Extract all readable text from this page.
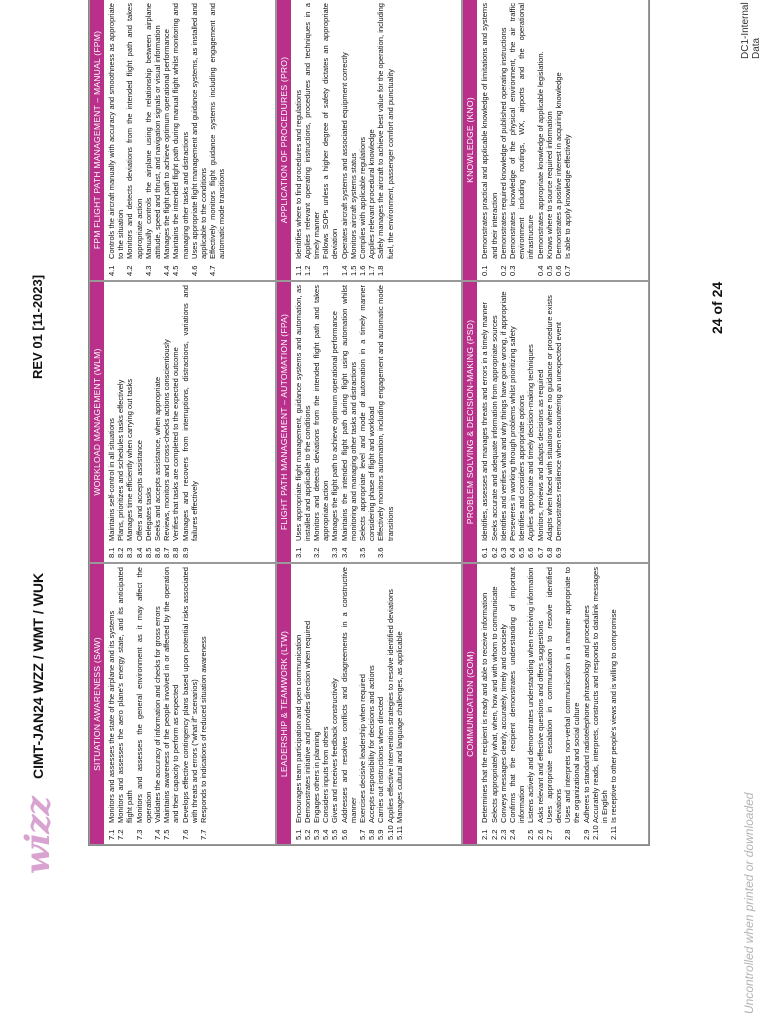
wizz
CIMT-JAN24 WZZ / WMT / WUK
REV 01 [11-2023]
SITUATION AWARENESS (SAW)
7.1
Monitors and assesses the state of the airplane and its systems
7.2
Monitors and assesses the aero plane's energy state, and its anticipated flight path
7.3
Monitors and assesses the general environment as it may affect the operation
7.4
Validates the accuracy of information and checks for gross errors
7.5
Maintains awareness of the people involved in or affected by the operation and their capacity to perform as expected
7.6
Develops effective contingency plans based upon potential risks associated with threats and errors ("what if" scenarios)
7.7
Responds to indications of reduced situation awareness
WORKLOAD MANAGEMENT (WLM)
8.1
Maintains self-control in all situations
8.2
Plans, prioritizes and schedules tasks effectively
8.3
Manages time efficiently when carrying out tasks
8.4
Offers and accepts assistance
8.5
Delegates tasks
8.6
Seeks and accepts assistance, when appropriate
8.7
Reviews, monitors and cross-checks actions conscientiously
8.8
Verifies that tasks are completed to the expected outcome
8.9
Manages and recovers from interruptions, distractions, variations and failures effectively
FPM FLIGHT PATH MANAGEMENT – MANUAL (FPM)
4.1
Controls the aircraft manually with accuracy and smoothness as appropriate to the situation
4.2
Monitors and detects deviations from the intended flight path and takes appropriate action
4.3
Manually controls the airplane using the relationship between airplane attitude, speed and thrust, and navigation signals or visual information
4.4
Manages the flight path to achieve optimum operational performance
4.5
Maintains the intended flight path during manual flight whilst monitoring and managing other tasks and distractions
4.6
Uses appropriate flight management and guidance systems, as installed and applicable to the conditions
4.7
Effectively monitors flight guidance systems including engagement and automatic mode transitions
LEADERSHIP & TEAMWORK (LTW)
5.1
Encourages team participation and open communication
5.2
Demonstrates initiative and provides direction when required
5.3
Engages others in planning
5.4
Considers inputs from others
5.5
Gives and receives feedback constructively
5.6
Addresses and resolves conflicts and disagreements in a constructive manner
5.7
Exercises decisive leadership when required
5.8
Accepts responsibility for decisions and actions
5.9
Carries out instructions when directed
5.10
Applies effective intervention strategies to resolve identified deviations
5.11
Manages cultural and language challenges, as applicable
FLIGHT PATH MANAGEMENT – AUTOMATION (FPA)
3.1
Uses appropriate flight management, guidance systems and automation, as installed and applicable to the conditions
3.2
Monitors and detects deviations from the intended flight path and takes appropriate action
3.3
Manages the flight path to achieve optimum operational performance
3.4
Maintains the intended flight path during flight using automation whilst monitoring and managing other tasks and distractions
3.5
Selects appropriate level and mode of automation in a timely manner considering phase of flight and workload
3.6
Effectively monitors automation, including engagement and automatic mode transitions
APPLICATION OF PROCEDURES (PRO)
1.1
Identifies where to find procedures and regulations
1.2
Applies relevant operating instructions, procedures and techniques in a timely manner
1.3
Follows SOPs unless a higher degree of safety dictates an appropriate deviation
1.4
Operates aircraft systems and associated equipment correctly
1.5
Monitors aircraft systems status
1.6
Complies with applicable regulations
1.7
Applies relevant procedural knowledge
1.8
Safely manages the aircraft to achieve best value for the operation, including fuel, the environment, passenger comfort and punctuality
COMMUNICATION (COM)
2.1
Determines that the recipient is ready and able to receive information
2.2
Selects appropriately what, when, how and with whom to communicate
2.3
Conveys messages clearly, accurately, timely and concisely
2.4
Confirms that the recipient demonstrates understanding of important information
2.5
Listens actively and demonstrates understanding when receiving information
2.6
Asks relevant and effective questions and offers suggestions
2.7
Uses appropriate escalation in communication to resolve identified deviations
2.8
Uses and interprets non-verbal communication in a manner appropriate to the organizational and social culture
2.9
Adheres to standard radiotelephone phraseology and procedures
2.10
Accurately reads, interprets, constructs and responds to datalink messages in English
2.11
Is receptive to other people's views and is willing to compromise
PROBLEM SOLVING & DECISION-MAKING (PSD)
6.1
Identifies, assesses and manages threats and errors in a timely manner
6.2
Seeks accurate and adequate information from appropriate sources
6.3
Identifies and verifies what and why things have gone wrong, if appropriate
6.4
Perseveres in working through problems whilst prioritizing safety
6.5
Identifies and considers appropriate options
6.6
Applies appropriate and timely decision-making techniques
6.7
Monitors, reviews and adapts decisions as required
6.8
Adapts when faced with situations where no guidance or procedure exists
6.9
Demonstrates resilience when encountering an unexpected event
KNOWLEDGE (KNO)
0.1
Demonstrates practical and applicable knowledge of limitations and systems and their interaction
0.2
Demonstrates required knowledge of published operating instructions
0.3
Demonstrates knowledge of the physical environment, the air traffic environment including routings, WX, airports and the operational infrastructure
0.4
Demonstrates appropriate knowledge of applicable legislation.
0.5
Knows where to source required information
0.6
Demonstrates a positive interest in acquiring knowledge
0.7
Is able to apply knowledge effectively
Uncontrolled when printed or downloaded
24 of 24
DC1-Internal Data
